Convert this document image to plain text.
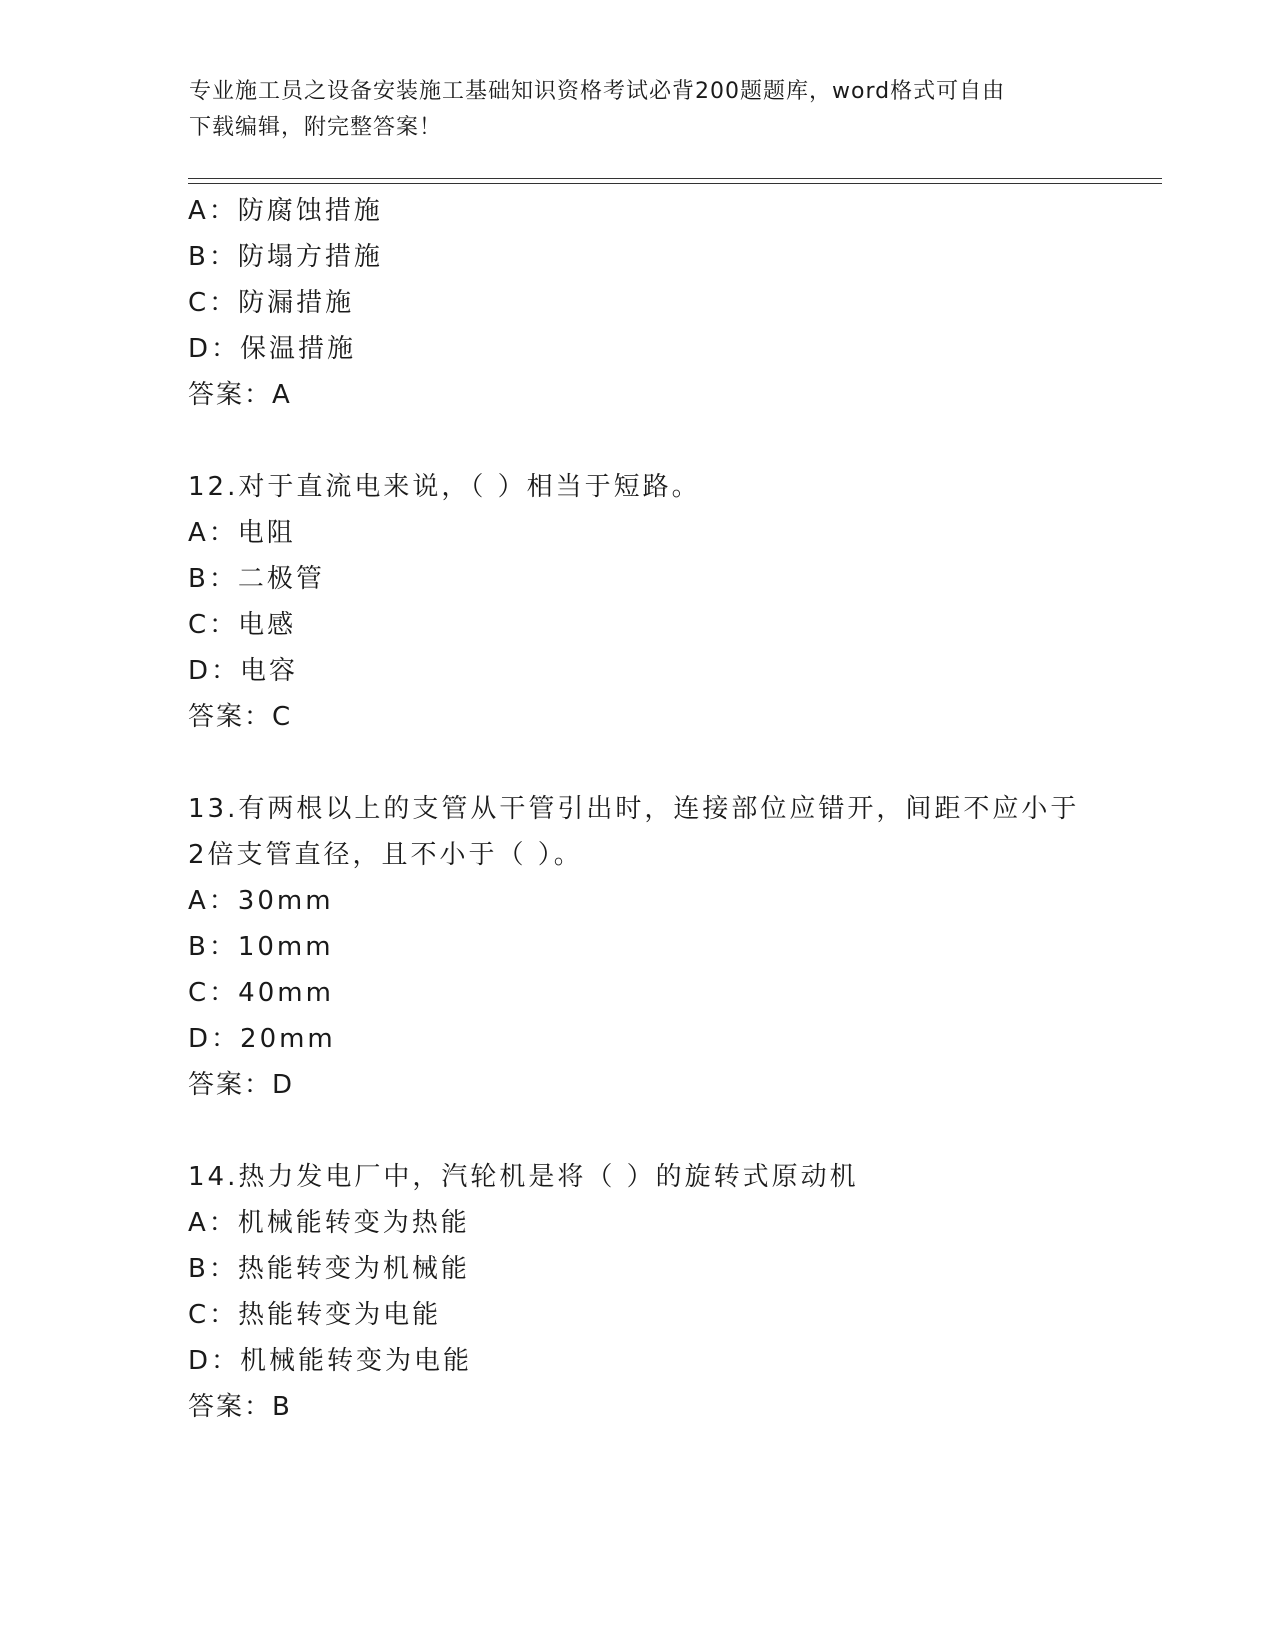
专业施工员之设备安装施工基础知识资格考试必背200题题库，word格式可自由
下载编辑，附完整答案！
A：防腐蚀措施
B：防塌方措施
C：防漏措施
D：保温措施
答案：A
12.对于直流电来说，（ ）相当于短路。
A：电阻
B：二极管
C：电感
D：电容
答案：C
13.有两根以上的支管从干管引出时，连接部位应错开，间距不应小于
2倍支管直径，且不小于（ ）。
A：30mm
B：10mm
C：40mm
D：20mm
答案：D
14.热力发电厂中，汽轮机是将（ ）的旋转式原动机
A：机械能转变为热能
B：热能转变为机械能
C：热能转变为电能
D：机械能转变为电能
答案：B
